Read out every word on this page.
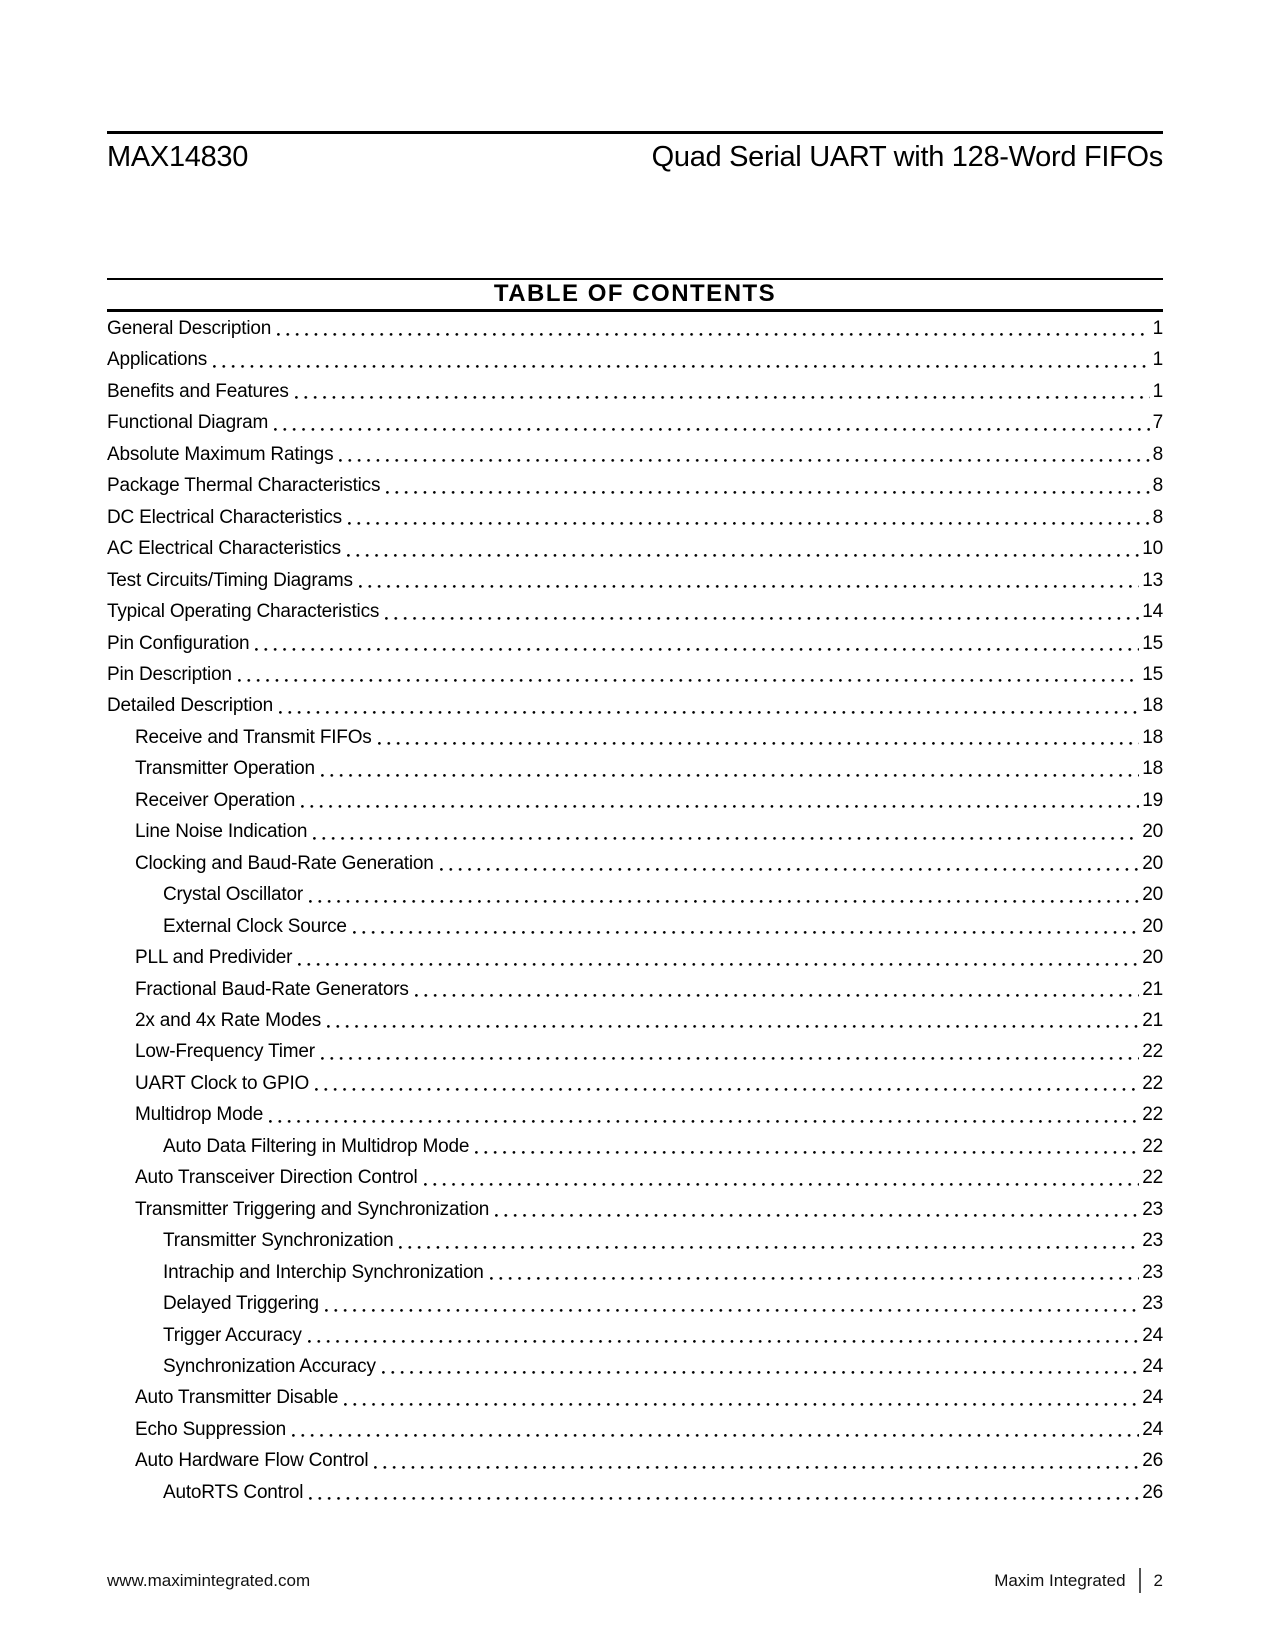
MAX14830	Quad Serial UART with 128-Word FIFOs
TABLE OF CONTENTS
General Description	1
Applications	1
Benefits and Features	1
Functional Diagram	7
Absolute Maximum Ratings	8
Package Thermal Characteristics	8
DC Electrical Characteristics	8
AC Electrical Characteristics	10
Test Circuits/Timing Diagrams	13
Typical Operating Characteristics	14
Pin Configuration	15
Pin Description	15
Detailed Description	18
Receive and Transmit FIFOs	18
Transmitter Operation	18
Receiver Operation	19
Line Noise Indication	20
Clocking and Baud-Rate Generation	20
Crystal Oscillator	20
External Clock Source	20
PLL and Predivider	20
Fractional Baud-Rate Generators	21
2x and 4x Rate Modes	21
Low-Frequency Timer	22
UART Clock to GPIO	22
Multidrop Mode	22
Auto Data Filtering in Multidrop Mode	22
Auto Transceiver Direction Control	22
Transmitter Triggering and Synchronization	23
Transmitter Synchronization	23
Intrachip and Interchip Synchronization	23
Delayed Triggering	23
Trigger Accuracy	24
Synchronization Accuracy	24
Auto Transmitter Disable	24
Echo Suppression	24
Auto Hardware Flow Control	26
AutoRTS Control	26
www.maximintegrated.com	Maxim Integrated 2
